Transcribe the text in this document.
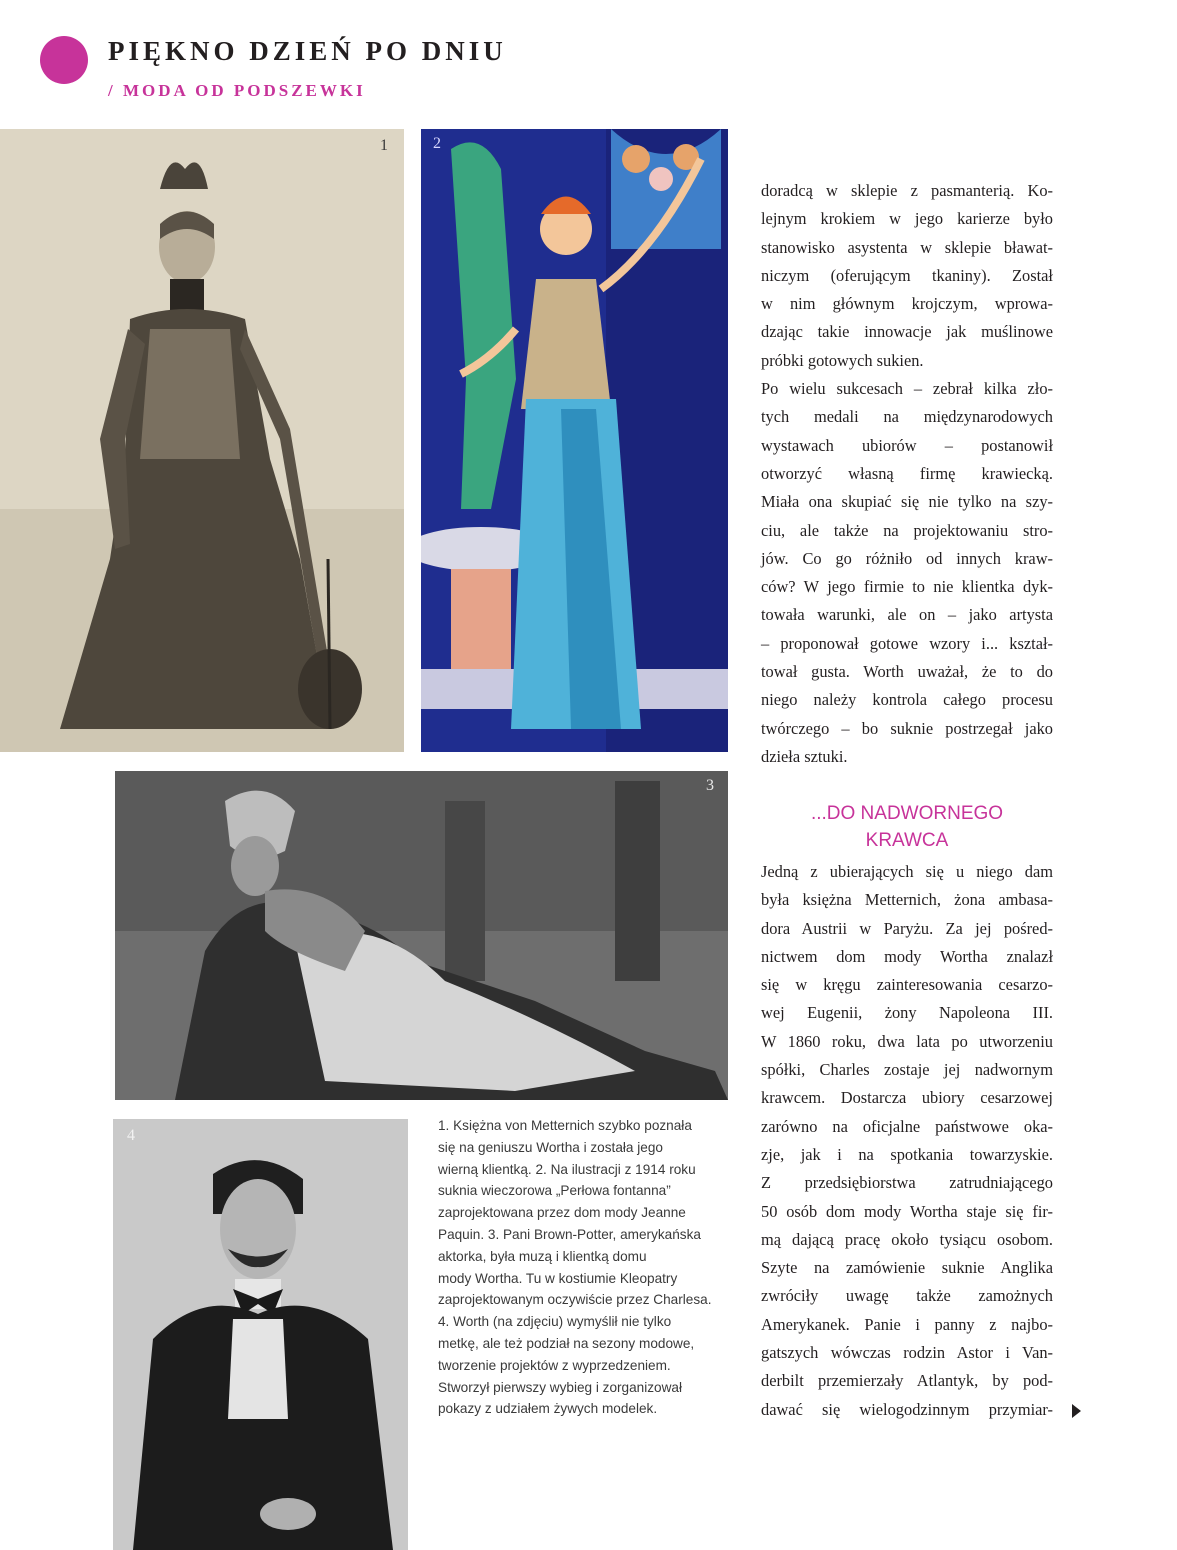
PIĘKNO DZIEŃ PO DNIU
/ MODA OD PODSZEWKI
1	2
3
4
1. Księżna von Metternich szybko poznała
się na geniuszu Wortha i została jego
wierną klientką. 2. Na ilustracji z 1914 roku
suknia wieczorowa „Perłowa fontanna”
zaprojektowana przez dom mody Jeanne
Paquin. 3. Pani Brown-Potter, amerykańska
aktorka, była muzą i klientką domu
mody Wortha. Tu w kostiumie Kleopatry
zaprojektowanym oczywiście przez Charlesa.
4. Worth (na zdjęciu) wymyślił nie tylko
metkę, ale też podział na sezony modowe,
tworzenie projektów z wyprzedzeniem.
Stworzył pierwszy wybieg i zorganizował
pokazy z udziałem żywych modelek.
doradcą w sklepie z pasmanterią. Ko-
lejnym krokiem w jego karierze było
stanowisko asystenta w sklepie bławat-
niczym (oferującym tkaniny). Został
w nim głównym krojczym, wprowa-
dzając takie innowacje jak muślinowe
próbki gotowych sukien.
Po wielu sukcesach – zebrał kilka zło-
tych medali na międzynarodowych
wystawach ubiorów – postanowił
otworzyć własną firmę krawiecką.
Miała ona skupiać się nie tylko na szy-
ciu, ale także na projektowaniu stro-
jów. Co go różniło od innych kraw-
ców? W jego firmie to nie klientka dyk-
towała warunki, ale on – jako artysta
– proponował gotowe wzory i... kształ-
tował gusta. Worth uważał, że to do
niego należy kontrola całego procesu
twórczego – bo suknie postrzegał jako
dzieła sztuki.
...DO NADWORNEGO
KRAWCA
Jedną z ubierających się u niego dam
była księżna Metternich, żona ambasa-
dora Austrii w Paryżu. Za jej pośred-
nictwem dom mody Wortha znalazł
się w kręgu zainteresowania cesarzo-
wej Eugenii, żony Napoleona III.
W 1860 roku, dwa lata po utworzeniu
spółki, Charles zostaje jej nadwornym
krawcem. Dostarcza ubiory cesarzowej
zarówno na oficjalne państwowe oka-
zje, jak i na spotkania towarzyskie.
Z przedsiębiorstwa zatrudniającego
50 osób dom mody Wortha staje się fir-
mą dającą pracę około tysiącu osobom.
Szyte na zamówienie suknie Anglika
zwróciły uwagę także zamożnych
Amerykanek. Panie i panny z najbo-
gatszych wówczas rodzin Astor i Van-
derbilt przemierzały Atlantyk, by pod-
dawać się wielogodzinnym przymiar-
